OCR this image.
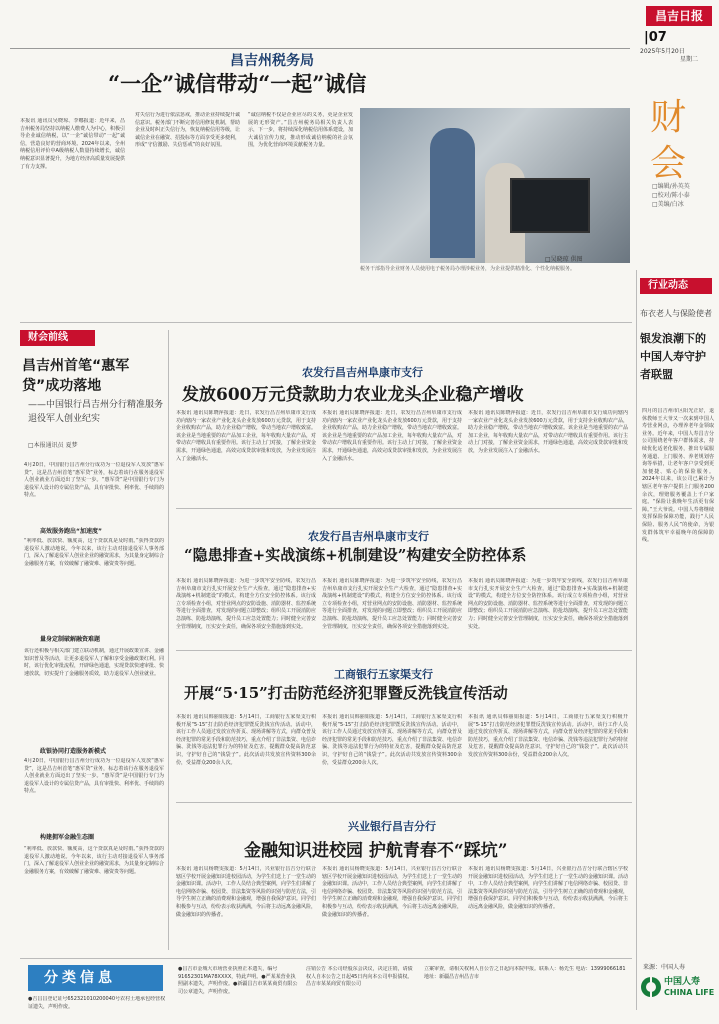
昌吉日报
|07
2025年5月20日
星期二
财会
□编辑/孙英英
□校对/陈小泰
□美编/白冰
昌吉州税务局
“一企”诚信带动“一起”诚信
本报讯 通讯员吴晓琼、李娜报道：近年来，昌吉州税务局坚持以纳税人缴费人为中心，积极引导企业诚信纳税，以“一企”诚信带动“一起”诚信，营造良好的营商环境。2024年以来，全州纳税信用评价中A级纳税人数量持续增长，诚信纳税意识显著提升，为地方经济高质量发展提供了有力支撑。
对失信行为进行依法惩戒，推动企业持续提升诚信意识。税务部门不断完善信用修复机制，帮助企业及时纠正失信行为，恢复纳税信用等级，让诚信企业在融资、招投标等方面享受更多便利，形成“守信激励、失信惩戒”的良好氛围。
“诚信纳税不仅是企业应尽的义务，更是企业发展的无形资产。”昌吉州税务局相关负责人表示，下一步，将持续深化纳税信用体系建设，加大诚信宣传力度，推动形成诚信纳税的社会氛围，为优化营商环境贡献税务力量。
□吴晓琼 供图
税务干部指导企业财务人员使用电子税务局办理涉税业务，为企业提供精准化、个性化纳税服务。
财会前线
行业动态
昌吉州首笔“惠军贷”成功落地
——中国银行昌吉州分行精准服务退役军人创业纪实
□本报通讯员 夏梦
4月20日，中国银行昌吉州分行成功为一位退役军人发放“惠军贷”，这是昌吉州首笔“惠军贷”业务，标志着该行在服务退役军人创业就业方面迈出了坚实一步。“惠军贷”是中国银行专门为退役军人设计的专属信贷产品，具有审批快、利率优、手续简的特点。
高效服务跑出“加速度”
“利率低、放款快、额度高，这个贷款真是及时雨。”获得贷款的退役军人激动地说。今年以来，该行主动对接退役军人事务部门，深入了解退役军人创业企业的融资需求，为其量身定制综合金融服务方案，有效破解了融资难、融资贵等问题。
量身定制破解融资难题
该行还积极与相关部门建立联动机制，通过开展政策宣讲、金融知识普及等活动，让更多退役军人了解和享受金融政策红利。同时，该行优化审批流程，开辟绿色通道，实现贷款快速审批、快速放款，切实提升了金融服务质效，助力退役军人创业就业。
政银协同打造服务新模式
4月20日，中国银行昌吉州分行成功为一位退役军人发放“惠军贷”，这是昌吉州首笔“惠军贷”业务，标志着该行在服务退役军人创业就业方面迈出了坚实一步。“惠军贷”是中国银行专门为退役军人设计的专属信贷产品，具有审批快、利率优、手续简的特点。
构建拥军金融生态圈
“利率低、放款快、额度高，这个贷款真是及时雨。”获得贷款的退役军人激动地说。今年以来，该行主动对接退役军人事务部门，深入了解退役军人创业企业的融资需求，为其量身定制综合金融服务方案，有效破解了融资难、融资贵等问题。
农发行昌吉州阜康市支行
发放600万元贷款助力农业龙头企业稳产增收
本报讯 通讯员陈晓萍报道：近日，农发行昌吉州阜康市支行成功向辖内一家农业产业化龙头企业发放600万元贷款，用于支持企业收购农产品，助力企业稳产增收，带动当地农户增收致富。该企业是当地重要的农产品加工企业，每年收购大量农产品，对带动农户增收具有重要作用。该行主动上门对接，了解企业资金需求，开通绿色通道，高效完成贷款审批和发放，为企业发展注入了金融活水。
本报讯 通讯员陈晓萍报道：近日，农发行昌吉州阜康市支行成功向辖内一家农业产业化龙头企业发放600万元贷款，用于支持企业收购农产品，助力企业稳产增收，带动当地农户增收致富。该企业是当地重要的农产品加工企业，每年收购大量农产品，对带动农户增收具有重要作用。该行主动上门对接，了解企业资金需求，开通绿色通道，高效完成贷款审批和发放，为企业发展注入了金融活水。
本报讯 通讯员陈晓萍报道：近日，农发行昌吉州阜康市支行成功向辖内一家农业产业化龙头企业发放600万元贷款，用于支持企业收购农产品，助力企业稳产增收，带动当地农户增收致富。该企业是当地重要的农产品加工企业，每年收购大量农产品，对带动农户增收具有重要作用。该行主动上门对接，了解企业资金需求，开通绿色通道，高效完成贷款审批和发放，为企业发展注入了金融活水。
农发行昌吉州阜康市支行
“隐患排查+实战演练+机制建设”构建安全防控体系
本报讯 通讯员陈晓萍报道：为进一步筑牢安全防线，农发行昌吉州阜康市支行扎实开展安全生产大检查，通过“隐患排查+实战演练+机制建设”的模式，构建全方位安全防控体系。该行成立专项检查小组，对营业网点的安防设施、消防器材、监控系统等进行全面排查，对发现的问题立即整改；组织员工开展消防应急演练、防抢劫演练，提升员工应急处置能力；同时健全完善安全管理制度，压实安全责任，确保各项安全措施落到实处。
本报讯 通讯员陈晓萍报道：为进一步筑牢安全防线，农发行昌吉州阜康市支行扎实开展安全生产大检查，通过“隐患排查+实战演练+机制建设”的模式，构建全方位安全防控体系。该行成立专项检查小组，对营业网点的安防设施、消防器材、监控系统等进行全面排查，对发现的问题立即整改；组织员工开展消防应急演练、防抢劫演练，提升员工应急处置能力；同时健全完善安全管理制度，压实安全责任，确保各项安全措施落到实处。
本报讯 通讯员陈晓萍报道：为进一步筑牢安全防线，农发行昌吉州阜康市支行扎实开展安全生产大检查，通过“隐患排查+实战演练+机制建设”的模式，构建全方位安全防控体系。该行成立专项检查小组，对营业网点的安防设施、消防器材、监控系统等进行全面排查，对发现的问题立即整改；组织员工开展消防应急演练、防抢劫演练，提升员工应急处置能力；同时健全完善安全管理制度，压实安全责任，确保各项安全措施落到实处。
工商银行五家渠支行
开展“5·15”打击防范经济犯罪暨反洗钱宣传活动
本报讯 通讯员韩丽娟报道：5月14日，工商银行五家渠支行积极开展“5·15”打击防范经济犯罪暨反洗钱宣传活动。活动中，该行工作人员通过发放宣传折页、现场讲解等方式，向群众普及经济犯罪的常见手段和防范技巧，重点介绍了非法集资、电信诈骗、洗钱等违法犯罪行为的特征及危害，提醒群众提高防范意识，守护好自己的“钱袋子”。此次活动共发放宣传资料300余份，受益群众200余人次。
本报讯 通讯员韩丽娟报道：5月14日，工商银行五家渠支行积极开展“5·15”打击防范经济犯罪暨反洗钱宣传活动。活动中，该行工作人员通过发放宣传折页、现场讲解等方式，向群众普及经济犯罪的常见手段和防范技巧，重点介绍了非法集资、电信诈骗、洗钱等违法犯罪行为的特征及危害，提醒群众提高防范意识，守护好自己的“钱袋子”。此次活动共发放宣传资料300余份，受益群众200余人次。
本报讯 通讯员韩丽娟报道：5月14日，工商银行五家渠支行积极开展“5·15”打击防范经济犯罪暨反洗钱宣传活动。活动中，该行工作人员通过发放宣传折页、现场讲解等方式，向群众普及经济犯罪的常见手段和防范技巧，重点介绍了非法集资、电信诈骗、洗钱等违法犯罪行为的特征及危害，提醒群众提高防范意识，守护好自己的“钱袋子”。此次活动共发放宣传资料300余份，受益群众200余人次。
兴业银行昌吉分行
金融知识进校园 护航青春不“踩坑”
本报讯 通讯员杨晓雯报道：5月14日，兴业银行昌吉分行联合辖区学校开展金融知识进校园活动，为学生们送上了一堂生动的金融知识课。活动中，工作人员结合典型案例，向学生们讲解了电信网络诈骗、校园贷、非法集资等风险的识别与防范方法，引导学生树立正确的消费观和金融观，增强自我保护意识。同学们积极参与互动，纷纷表示收获满满，今后将主动远离金融风险，做金融知识的传播者。
本报讯 通讯员杨晓雯报道：5月14日，兴业银行昌吉分行联合辖区学校开展金融知识进校园活动，为学生们送上了一堂生动的金融知识课。活动中，工作人员结合典型案例，向学生们讲解了电信网络诈骗、校园贷、非法集资等风险的识别与防范方法，引导学生树立正确的消费观和金融观，增强自我保护意识。同学们积极参与互动，纷纷表示收获满满，今后将主动远离金融风险，做金融知识的传播者。
本报讯 通讯员杨晓雯报道：5月14日，兴业银行昌吉分行联合辖区学校开展金融知识进校园活动，为学生们送上了一堂生动的金融知识课。活动中，工作人员结合典型案例，向学生们讲解了电信网络诈骗、校园贷、非法集资等风险的识别与防范方法，引导学生树立正确的消费观和金融观，增强自我保护意识。同学们积极参与互动，纷纷表示收获满满，今后将主动远离金融风险，做金融知识的传播者。
布衣老人与保险使者
银发浪潮下的中国人寿守护者联盟
四月的昌吉州市区阳光正好，退休教师王大爷又一次来到中国人寿营业网点，办理养老年金领取业务。近年来，中国人寿昌吉分公司围绕老年客户群体需求，持续优化适老化服务，推出专属服务通道、上门服务、养老规划咨询等举措，让老年客户享受到更加便捷、贴心的保险服务。2024年以来，该公司已累计为辖区老年客户提供上门服务200余次，理赔服务覆盖上千户家庭。“保险让我晚年生活更有保障。”王大爷说。中国人寿将继续发挥保险保障功能，践行“人民保险、服务人民”的使命，为银发群体筑牢幸福晚年的保障防线。
来源：中国人寿
中国人寿
CHINA LIFE
分类信息
●吉昌昌登记证号652321010200040号农村土地承包经营权证遗失，声明作废。
●昌吉市金城大市场营业执照正本遗失，编号91652301MA78XXXX，特此声明。●严某某营业执照副本遗失，声明作废。●新疆昌吉市某某商贸有限公司公章遗失，声明作废。
注销公告 本公司经股东会决议，决定注销，请债权人自本公告之日起45日内向本公司申报债权。昌吉市某某商贸有限公司
立案审查，请相关权利人自公告之日起向本院申报。联系人：杨先生 电话：13999066181 地址：新疆昌吉州昌吉市
